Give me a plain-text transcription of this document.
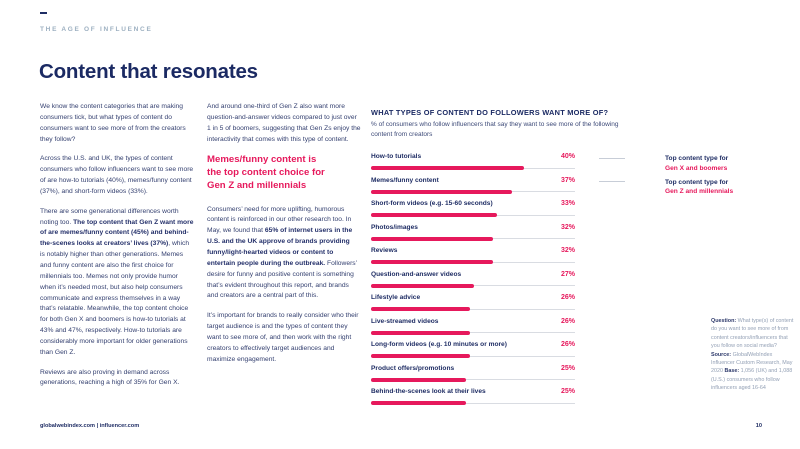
THE AGE OF INFLUENCE
Content that resonates

We know the content categories that are making consumers tick, but what types of content do consumers want to see more of from the creators they follow?

Across the U.S. and UK, the types of content consumers who follow influencers want to see more of are how-to tutorials (40%), memes/funny content (37%), and short-form videos (33%).

There are some generational differences worth noting too. The top content that Gen Z want more of are memes/funny content (45%) and behind-the-scenes looks at creators’ lives (37%), which is notably higher than other generations. Memes and funny content are also the first choice for millennials too. Memes not only provide humor when it’s needed most, but also help consumers communicate and express themselves in a way that’s relatable. Meanwhile, the top content choice for both Gen X and boomers is how-to tutorials at 43% and 47%, respectively. How-to tutorials are considerably more important for older generations than Gen Z.

Reviews are also proving in demand across generations, reaching a high of 35% for Gen X.

And around one-third of Gen Z also want more question-and-answer videos compared to just over 1 in 5 of boomers, suggesting that Gen Zs enjoy the interactivity that comes with this type of content.

Memes/funny content is
the top content choice for
Gen Z and millennials

Consumers’ need for more uplifting, humorous content is reinforced in our other research too. In May, we found that 65% of internet users in the U.S. and the UK approve of brands providing funny/light-hearted videos or content to entertain people during the outbreak. Followers’ desire for funny and positive content is something that’s evident throughout this report, and brands and creators are a central part of this.

It’s important for brands to really consider who their target audience is and the types of content they want to see more of, and then work with the right creators to effectively target audiences and maximize engagement.

WHAT TYPES OF CONTENT DO FOLLOWERS WANT MORE OF?
% of consumers who follow influencers that say they want to see more of the following content from creators
How-to tutorials	40%
Memes/funny content	37%
Short-form videos (e.g. 15-60 seconds)	33%
Photos/images	32%
Reviews	32%
Question-and-answer videos	27%
Lifestyle advice	26%
Live-streamed videos	26%
Long-form videos (e.g. 10 minutes or more)	26%
Product offers/promotions	25%
Behind-the-scenes look at their lives	25%
Top content type for
Gen X and boomers
Top content type for
Gen Z and millennials
Question: What type(s) of content do you want to see more of from content creators/influencers that you follow on social media? Source: GlobalWebIndex Influencer Custom Research, May 2020 Base: 1,056 (UK) and 1,088 (U.S.) consumers who follow influencers aged 16-64
globalwebindex.com | influencer.com	10
